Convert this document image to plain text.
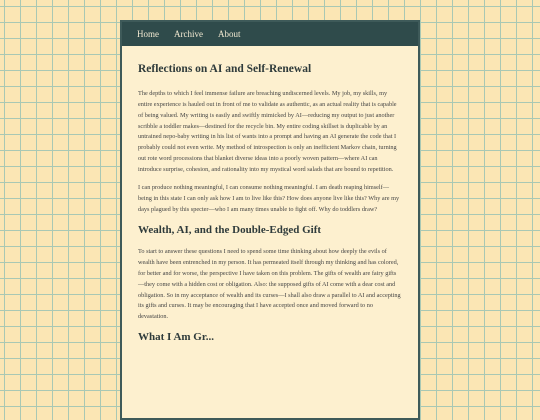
Home Archive About
Reflections on AI and Self-Renewal

The depths to which I feel immense failure are breaching undiscerned levels. My job, my skills, my entire experience is hauled out in front of me to validate as authentic, as an actual reality that is capable of being valued. My writing is easily and swiftly mimicked by AI—reducing my output to just another scribble a toddler makes—destined for the recycle bin. My entire coding skillset is duplicable by an untrained nepo-baby writing in his list of wants into a prompt and having an AI generate the code that I probably could not even write. My method of introspection is only an inefficient Markov chain, turning out rote word processions that blanket diverse ideas into a poorly woven pattern—where AI can introduce surprise, cohesion, and rationality into my mystical word salads that are bound to repetition.

I can produce nothing meaningful, I can consume nothing meaningful. I am death reaping himself—being in this state I can only ask how I am to live like this? How does anyone live like this? Why are my days plagued by this specter—who I am many times unable to fight off. Why do toddlers draw?

Wealth, AI, and the Double-Edged Gift

To start to answer these questions I need to spend some time thinking about how deeply the evils of wealth have been entrenched in my person. It has permeated itself through my thinking and has colored, for better and for worse, the perspective I have taken on this problem. The gifts of wealth are fairy gifts—they come with a hidden cost or obligation. Also: the supposed gifts of AI come with a dear cost and obligation. So in my acceptance of wealth and its curses—I shall also draw a parallel to AI and accepting its gifts and curses. It may be encouraging that I have accepted once and moved forward to no devastation.

What I Am Gr...
